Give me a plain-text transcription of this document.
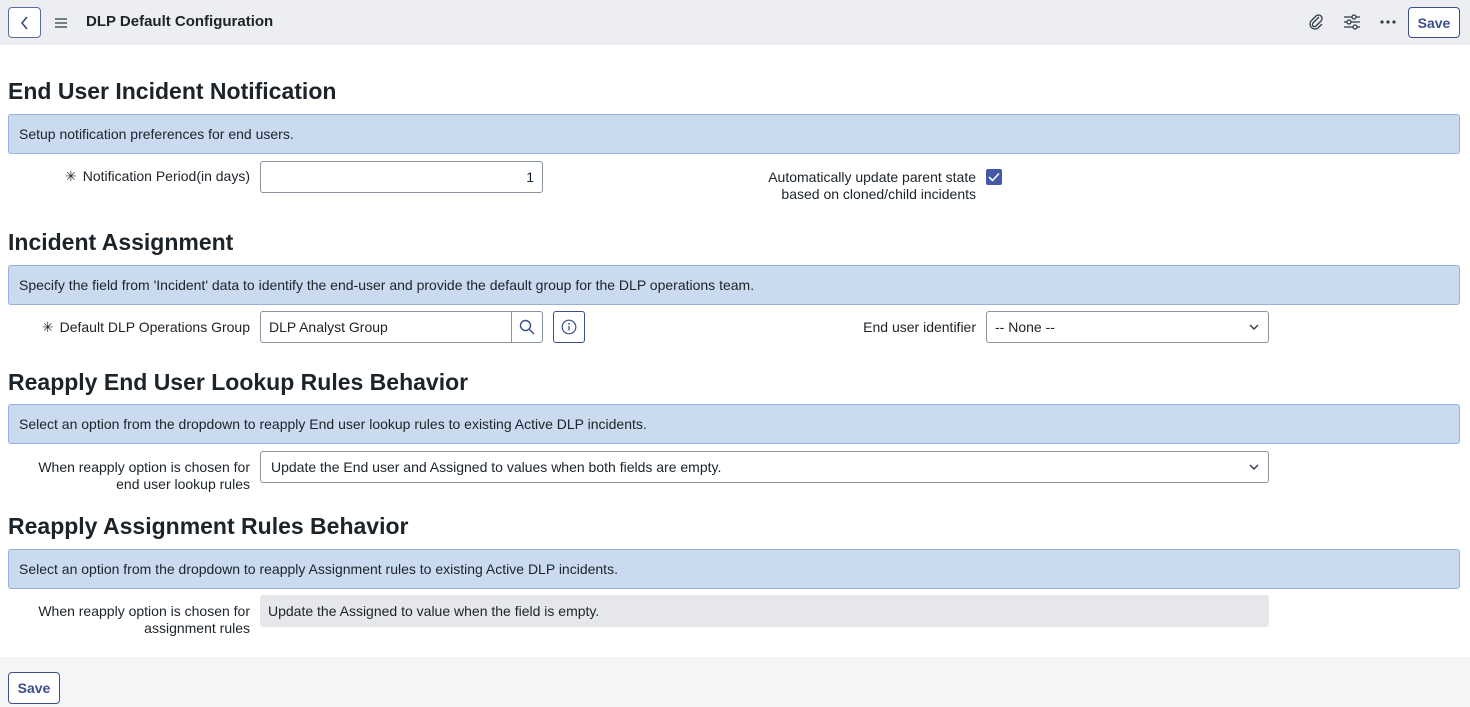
DLP Default Configuration	Save
End User Incident Notification
Setup notification preferences for end users.
✳ Notification Period(in days)	1	Automatically update parent state
based on cloned/child incidents
Incident Assignment
Specify the field from 'Incident' data to identify the end-user and provide the default group for the DLP operations team.
✳ Default DLP Operations Group	DLP Analyst Group	End user identifier -- None --
Reapply End User Lookup Rules Behavior
Select an option from the dropdown to reapply End user lookup rules to existing Active DLP incidents.
When reapply option is chosen for
end user lookup rules
Update the End user and Assigned to values when both fields are empty.
Reapply Assignment Rules Behavior
Select an option from the dropdown to reapply Assignment rules to existing Active DLP incidents.
When reapply option is chosen for
assignment rules
Update the Assigned to value when the field is empty.
Save
